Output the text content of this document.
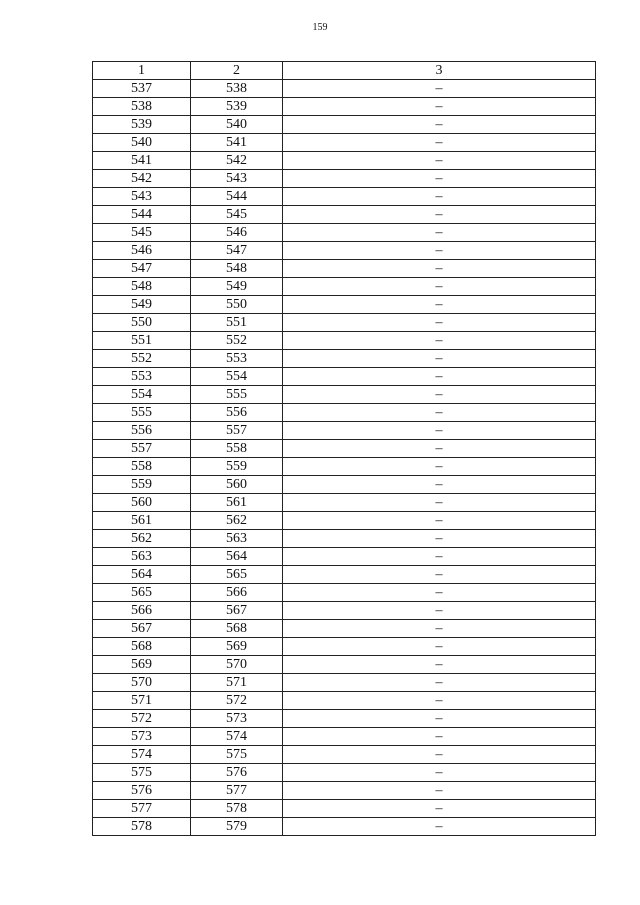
159
1	2	3
537	538	–
538	539	–
539	540	–
540	541	–
541	542	–
542	543	–
543	544	–
544	545	–
545	546	–
546	547	–
547	548	–
548	549	–
549	550	–
550	551	–
551	552	–
552	553	–
553	554	–
554	555	–
555	556	–
556	557	–
557	558	–
558	559	–
559	560	–
560	561	–
561	562	–
562	563	–
563	564	–
564	565	–
565	566	–
566	567	–
567	568	–
568	569	–
569	570	–
570	571	–
571	572	–
572	573	–
573	574	–
574	575	–
575	576	–
576	577	–
577	578	–
578	579	–
